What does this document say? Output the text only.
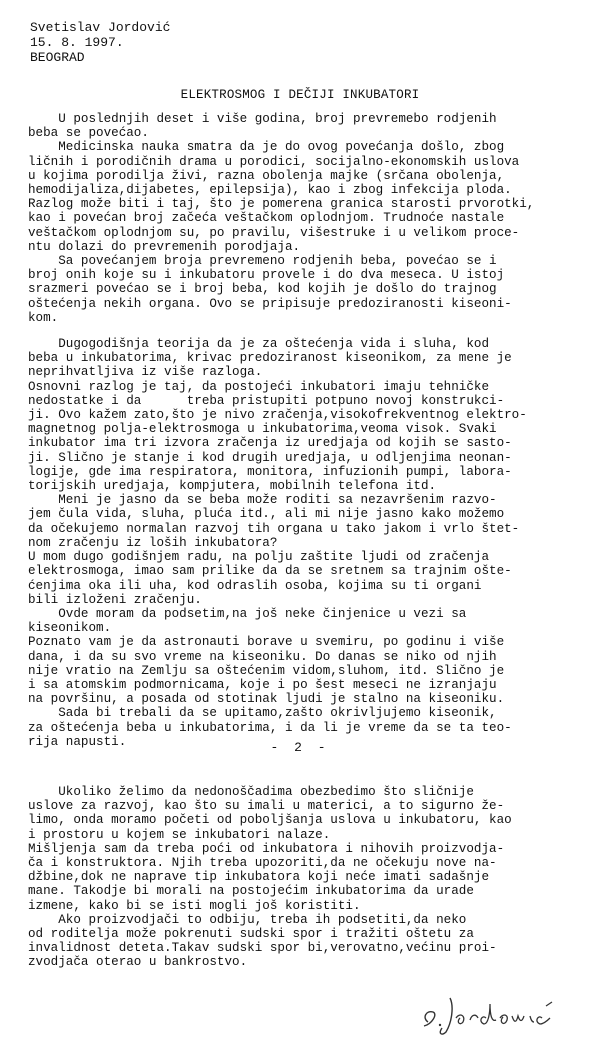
Svetislav Jordović
15. 8. 1997.
BEOGRAD
ELEKTROSMOG I DEČIJI INKUBATORI
U poslednjih deset i više godina, broj prevremebo rodjenih
beba se povećao.
Medicinska nauka smatra da je do ovog povećanja došlo, zbog
ličnih i porodičnih drama u porodici, socijalno-ekonomskih uslova
u kojima porodilja živi, razna obolenja majke (srčana obolenja,
hemodijaliza,dijabetes, epilepsija), kao i zbog infekcija ploda.
Razlog može biti i taj, što je pomerena granica starosti prvorotki,
kao i povećan broj začeća veštačkom oplodnjom. Trudnoće nastale
veštačkom oplodnjom su, po pravilu, višestruke i u velikom proce-
ntu dolazi do prevremenih porodjaja.
Sa povećanjem broja prevremeno rodjenih beba, povećao se i
broj onih koje su i inkubatoru provele i do dva meseca. U istoj
srazmeri povećao se i broj beba, kod kojih je došlo do trajnog
oštećenja nekih organa. Ovo se pripisuje predoziranosti kiseoni-
kom.
Dugogodišnja teorija da je za oštećenja vida i sluha, kod
beba u inkubatorima, krivac predoziranost kiseonikom, za mene je
neprihvatljiva iz više razloga.
Osnovni razlog je taj, da postojeći inkubatori imaju tehničke
nedostatke i da      treba pristupiti potpuno novoj konstrukci-
ji. Ovo kažem zato,što je nivo zračenja,visokofrekventnog elektro-
magnetnog polja-elektrosmoga u inkubatorima,veoma visok. Svaki
inkubator ima tri izvora zračenja iz uredjaja od kojih se sasto-
ji. Slično je stanje i kod drugih uredjaja, u odljenjima neonan-
logije, gde ima respiratora, monitora, infuzionih pumpi, labora-
torijskih uredjaja, kompjutera, mobilnih telefona itd.
Meni je jasno da se beba može roditi sa nezavršenim razvo-
jem čula vida, sluha, pluća itd., ali mi nije jasno kako možemo
da očekujemo normalan razvoj tih organa u tako jakom i vrlo štet-
nom zračenju iz loših inkubatora?
U mom dugo godišnjem radu, na polju zaštite ljudi od zračenja
elektrosmoga, imao sam prilike da da se sretnem sa trajnim ošte-
ćenjima oka ili uha, kod odraslih osoba, kojima su ti organi
bili izloženi zračenju.
Ovde moram da podsetim,na još neke činjenice u vezi sa
kiseonikom.
Poznato vam je da astronauti borave u svemiru, po godinu i više
dana, i da su svo vreme na kiseoniku. Do danas se niko od njih
nije vratio na Zemlju sa oštećenim vidom,sluhom, itd. Slično je
i sa atomskim podmornicama, koje i po šest meseci ne izranjaju
na površinu, a posada od stotinak ljudi je stalno na kiseoniku.
Sada bi trebali da se upitamo,zašto okrivljujemo kiseonik,
za oštećenja beba u inkubatorima, i da li je vreme da se ta teo-
rija napusti.	- 2 -
Ukoliko želimo da nedonoščadima obezbedimo što sličnije
uslove za razvoj, kao što su imali u materici, a to sigurno že-
limo, onda moramo početi od poboljšanja uslova u inkubatoru, kao
i prostoru u kojem se inkubatori nalaze.
Mišljenja sam da treba poći od inkubatora i nihovih proizvodja-
ča i konstruktora. Njih treba upozoriti,da ne očekuju nove na-
džbine,dok ne naprave tip inkubatora koji neće imati sadašnje
mane. Takodje bi morali na postojećim inkubatorima da urade
izmene, kako bi se isti mogli još koristiti.
Ako proizvodjači to odbiju, treba ih podsetiti,da neko
od roditelja može pokrenuti sudski spor i tražiti oštetu za
invalidnost deteta.Takav sudski spor bi,verovatno,većinu proi-
zvodjača oterao u bankrostvo.
